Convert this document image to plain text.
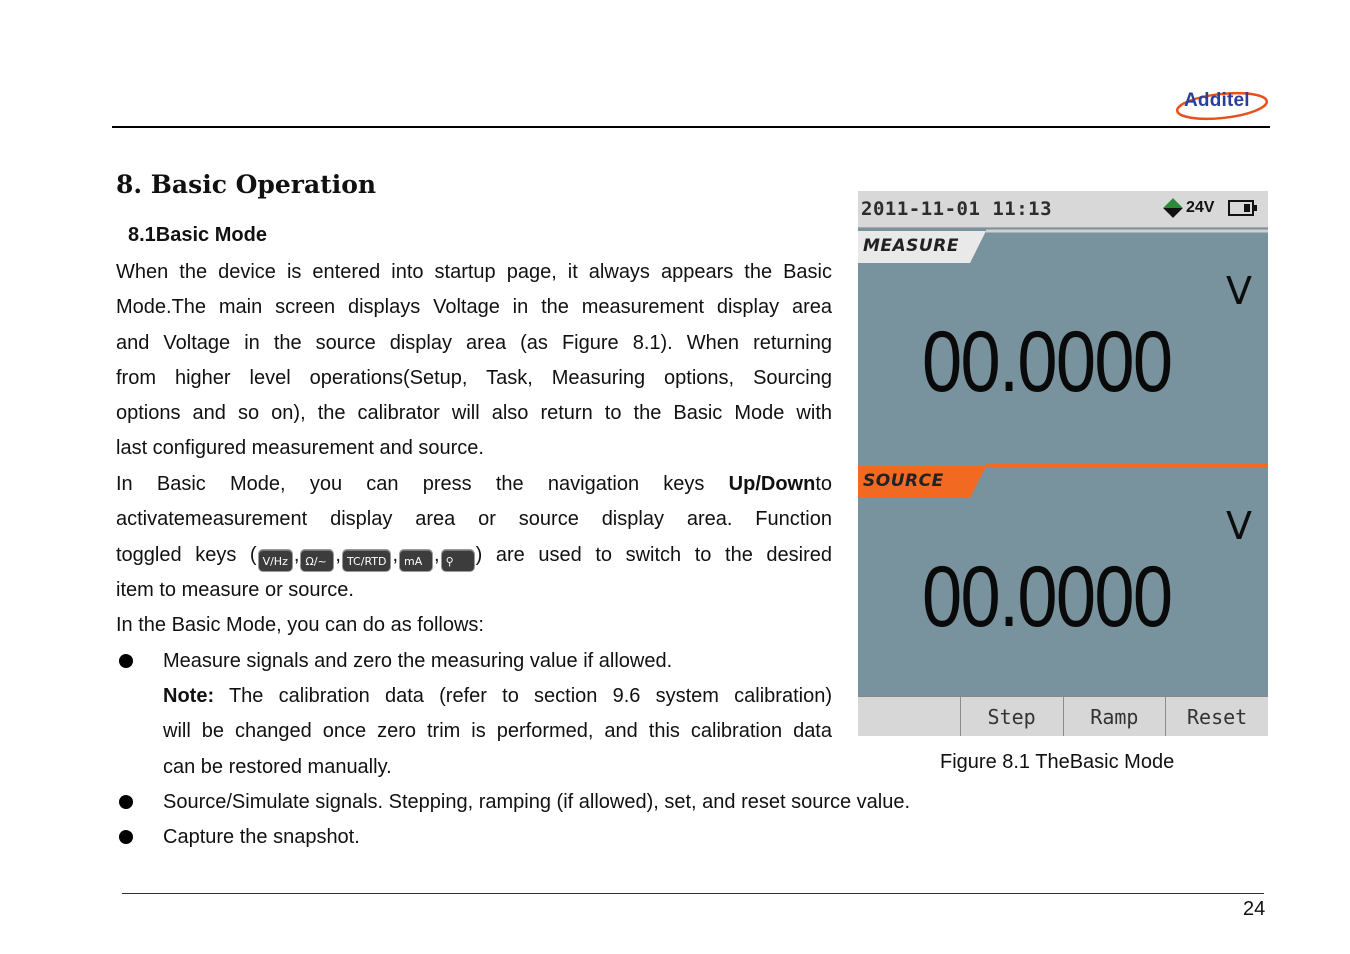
Additel
8. Basic Operation
8.1Basic Mode
When the device is entered into startup page, it always appears the Basic
Mode.The main screen displays Voltage in the measurement display area
and Voltage in the source display area (as Figure 8.1). When returning
from higher level operations(Setup, Task, Measuring options, Sourcing
options and so on), the calibrator will also return to the Basic Mode with
last configured measurement and source.
In Basic Mode, you can press the navigation keys Up/Downto
activatemeasurement display area or source display area. Function
toggled keys ( V/Hz , Ω/~ , TC/RTD , mA , ⚲ ) are used to switch to the desired
item to measure or source.
In the Basic Mode, you can do as follows:
Measure signals and zero the measuring value if allowed.
Note: The calibration data (refer to section 9.6 system calibration)
will be changed once zero trim is performed, and this calibration data
can be restored manually.
Source/Simulate signals. Stepping, ramping (if allowed), set, and reset source value.
Capture the snapshot.
2011-11-01 11:13	24V
MEASURE
V
00.0000
SOURCE
V
00.0000
Step	Ramp	Reset
Figure 8.1 TheBasic Mode
24
